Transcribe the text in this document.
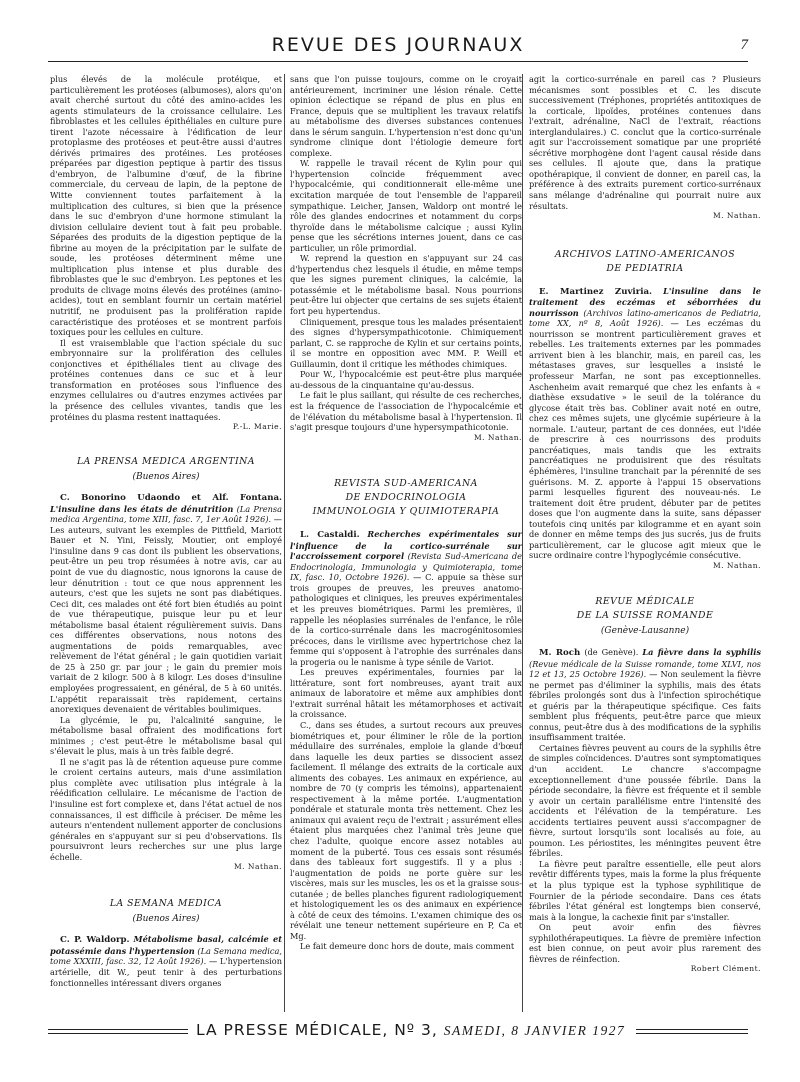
REVUE DES JOURNAUX	7

plus élevés de la molécule protéique, et particulièrement les protéoses (albumoses), alors qu'on avait cherché surtout du côté des amino-acides les agents stimulateurs de la croissance cellulaire. Les fibroblastes et les cellules épithéliales en culture pure tirent l'azote nécessaire à l'édification de leur protoplasme des protéoses et peut-être aussi d'autres dérivés primaires des protéines. Les protéoses préparées par digestion peptique à partir des tissus d'embryon, de l'albumine d'œuf, de la fibrine commerciale, du cerveau de lapin, de la peptone de Witte conviennent toutes parfaitement à la multiplication des cultures, si bien que la présence dans le suc d'embryon d'une hormone stimulant la division cellulaire devient tout à fait peu probable. Séparées des produits de la digestion peptique de la fibrine au moyen de la précipitation par le sulfate de soude, les protéoses déterminent même une multiplication plus intense et plus durable des fibroblastes que le suc d'embryon. Les peptones et les produits de clivage moins élevés des protéines (amino-acides), tout en semblant fournir un certain matériel nutritif, ne produisent pas la prolifération rapide caractéristique des protéoses et se montrent parfois toxiques pour les cellules en culture.

Il est vraisemblable que l'action spéciale du suc embryonnaire sur la prolifération des cellules conjonctives et épithéliales tient au clivage des protéines contenues dans ce suc et à leur transformation en protéoses sous l'influence des enzymes cellulaires ou d'autres enzymes activées par la présence des cellules vivantes, tandis que les protéines du plasma restent inattaquées.

P.-L. Marie.

LA PRENSA MEDICA ARGENTINA
(Buenos Aires)

C. Bonorino Udaondo et Alf. Fontana. L'insuline dans les états de dénutrition (La Prensa medica Argentina, tome XIII, fasc. 7, 1er Août 1926). — Les auteurs, suivant les exemples de Pittfield, Mariott Bauer et N. Yini, Feissly, Moutier, ont employé l'insuline dans 9 cas dont ils publient les observations, peut-être un peu trop résumées à notre avis, car au point de vue du diagnostic, nous ignorons la cause de leur dénutrition : tout ce que nous apprennent les auteurs, c'est que les sujets ne sont pas diabétiques. Ceci dit, ces malades ont été fort bien étudiés au point de vue thérapeutique, puisque leur pu et leur métabolisme basal étaient régulièrement suivis. Dans ces différentes observations, nous notons des augmentations de poids remarquables, avec relèvement de l'état général ; le gain quotidien variait de 25 à 250 gr. par jour ; le gain du premier mois variait de 2 kilogr. 500 à 8 kilogr. Les doses d'insuline employées progressaient, en général, de 5 à 60 unités. L'appétit reparaissait très rapidement, certains anorexiques devenaient de véritables boulimiques.

La glycémie, le pu, l'alcalinité sanguine, le métabolisme basal offraient des modifications fort minimes ; c'est peut-être le métabolisme basal qui s'élevait le plus, mais à un très faible degré.

Il ne s'agit pas là de rétention aqueuse pure comme le croient certains auteurs, mais d'une assimilation plus complète avec utilisation plus intégrale à la réédification cellulaire. Le mécanisme de l'action de l'insuline est fort complexe et, dans l'état actuel de nos connaissances, il est difficile à préciser. De même les auteurs n'entendent nullement apporter de conclusions générales en s'appuyant sur si peu d'observations. Ils poursuivront leurs recherches sur une plus large échelle.

M. Nathan.

LA SEMANA MEDICA
(Buenos Aires)

C. P. Waldorp. Métabolisme basal, calcémie et potassémie dans l'hypertension (La Semana medica, tome XXXIII, fasc. 32, 12 Août 1926). — L'hypertension artérielle, dit W., peut tenir à des perturbations fonctionnelles intéressant divers organes

sans que l'on puisse toujours, comme on le croyait antérieurement, incriminer une lésion rénale. Cette opinion éclectique se répand de plus en plus en France, depuis que se multiplient les travaux relatifs au métabolisme des diverses substances contenues dans le sérum sanguin. L'hypertension n'est donc qu'un syndrome clinique dont l'étiologie demeure fort complexe.

W. rappelle le travail récent de Kylin pour qui l'hypertension coïncide fréquemment avec l'hypocalcémie, qui conditionnerait elle-même une excitation marquée de tout l'ensemble de l'appareil sympathique. Leicher, Jansen, Waldorp ont montré le rôle des glandes endocrines et notamment du corps thyroïde dans le métabolisme calcique ; aussi Kylin pense que les sécrétions internes jouent, dans ce cas particulier, un rôle primordial.

W. reprend la question en s'appuyant sur 24 cas d'hypertendus chez lesquels il étudie, en même temps que les signes purement cliniques, la calcémie, la potassémie et le métabolisme basal. Nous pourrions peut-être lui objecter que certains de ses sujets étaient fort peu hypertendus.

Cliniquement, presque tous les malades présentaient des signes d'hypersympathicotonie. Chimiquement parlant, C. se rapproche de Kylin et sur certains points, il se montre en opposition avec MM. P. Weill et Guillaumin, dont il critique les méthodes chimiques.

Pour W., l'hypocalcémie est peut-être plus marquée au-dessous de la cinquantaine qu'au-dessus.

Le fait le plus saillant, qui résulte de ces recherches, est la fréquence de l'association de l'hypocalcémie et de l'élévation du métabolisme basal à l'hypertension. Il s'agit presque toujours d'une hypersympathicotonie.

M. Nathan.

REVISTA SUD-AMERICANA
DE ENDOCRINOLOGIA
IMMUNOLOGIA Y QUIMIOTERAPIA

L. Castaldi. Recherches expérimentales sur l'influence de la cortico-surrénale sur l'accroissement corporel (Revista Sud-Americana de Endocrinologia, Immunologia y Quimioterapia, tome IX, fasc. 10, Octobre 1926). — C. appuie sa thèse sur trois groupes de preuves, les preuves anatomo-pathologiques et cliniques, les preuves expérimentales et les preuves biométriques. Parmi les premières, il rappelle les néoplasies surrénales de l'enfance, le rôle de la cortico-surrénale dans les macrogénitosomies précoces, dans le virilisme avec hypertrichose chez la femme qui s'opposent à l'atrophie des surrénales dans la progeria ou le nanisme à type sénile de Variot.

Les preuves expérimentales, fournies par la littérature, sont fort nombreuses, ayant trait aux animaux de laboratoire et même aux amphibies dont l'extrait surrénal hâtait les métamorphoses et activait la croissance.

C., dans ses études, a surtout recours aux preuves biométriques et, pour éliminer le rôle de la portion médullaire des surrénales, emploie la glande d'bœuf dans laquelle les deux parties se dissocient assez facilement. Il mélange des extraits de la corticale aux aliments des cobayes. Les animaux en expérience, au nombre de 70 (y compris les témoins), appartenaient respectivement à la même portée. L'augmentation pondérale et staturale monta très nettement. Chez les animaux qui avaient reçu de l'extrait ; assurément elles étaient plus marquées chez l'animal très jeune que chez l'adulte, quoique encore assez notables au moment de la puberté. Tous ces essais sont résumés dans des tableaux fort suggestifs. Il y a plus : l'augmentation de poids ne porte guère sur les viscères, mais sur les muscles, les os et la graisse sous-cutanée ; de belles planches figurent radiologiquement et histologiquement les os des animaux en expérience à côté de ceux des témoins. L'examen chimique des os révélait une teneur nettement supérieure en P, Ca et Mg.

Le fait demeure donc hors de doute, mais comment

agit la cortico-surrénale en pareil cas ? Plusieurs mécanismes sont possibles et C. les discute successivement (Tréphones, propriétés antitoxiques de la corticale, lipoïdes, protéines contenues dans l'extrait, adrénaline, NaCl de l'extrait, réactions interglandulaires.) C. conclut que la cortico-surrénale agit sur l'accroissement somatique par une propriété sécrétive morphogène dont l'agent causal réside dans ses cellules. Il ajoute que, dans la pratique opothérapique, il convient de donner, en pareil cas, la préférence à des extraits purement cortico-surrénaux sans mélange d'adrénaline qui pourrait nuire aux résultats.

M. Nathan.

ARCHIVOS LATINO-AMERICANOS
DE PEDIATRIA

E. Martinez Zuviria. L'insuline dans le traitement des eczémas et séborrhées du nourrisson (Archivos latino-americanos de Pediatria, tome XX, nº 8, Août 1926). — Les eczémas du nourrisson se montrent particulièrement graves et rebelles. Les traitements externes par les pommades arrivent bien à les blanchir, mais, en pareil cas, les métastases graves, sur lesquelles a insisté le professeur Marfan, ne sont pas exceptionnelles. Aschenheim avait remarqué que chez les enfants à « diathèse exsudative » le seuil de la tolérance du glycose était très bas. Cobliner avait noté en outre, chez ces mêmes sujets, une glycémie supérieure à la normale. L'auteur, partant de ces données, eut l'idée de prescrire à ces nourrissons des produits pancréatiques, mais tandis que les extraits pancréatiques ne produisirent que des résultats éphémères, l'insuline tranchait par la pérennité de ses guérisons. M. Z. apporte à l'appui 15 observations parmi lesquelles figurent des nouveau-nés. Le traitement doit être prudent, débuter par de petites doses que l'on augmente dans la suite, sans dépasser toutefois cinq unités par kilogramme et en ayant soin de donner en même temps des jus sucrés, jus de fruits particulièrement, car le glucose agit mieux que le sucre ordinaire contre l'hypoglycémie consécutive.

M. Nathan.

REVUE MÉDICALE
DE LA SUISSE ROMANDE
(Genève-Lausanne)

M. Roch (de Genève). La fièvre dans la syphilis (Revue médicale de la Suisse romande, tome XLVI, nos 12 et 13, 25 Octobre 1926). — Non seulement la fièvre ne permet pas d'éliminer la syphilis, mais des états fébriles prolongés sont dus à l'infection spirochétique et guéris par la thérapeutique spécifique. Ces faits semblent plus fréquents, peut-être parce que mieux connus, peut-être dus à des modifications de la syphilis insuffisamment traitée.

Certaines fièvres peuvent au cours de la syphilis être de simples coïncidences. D'autres sont symptomatiques d'un accident. Le chancre s'accompagne exceptionnellement d'une poussée fébrile. Dans la période secondaire, la fièvre est fréquente et il semble y avoir un certain parallélisme entre l'intensité des accidents et l'élévation de la température. Les accidents tertiaires peuvent aussi s'accompagner de fièvre, surtout lorsqu'ils sont localisés au foie, au poumon. Les périostites, les méningites peuvent être fébriles.

La fièvre peut paraître essentielle, elle peut alors revêtir différents types, mais la forme la plus fréquente et la plus typique est la typhose syphilitique de Fournier de la période secondaire. Dans ces états fébriles l'état général est longtemps bien conservé, mais à la longue, la cachexie finit par s'installer.

On peut avoir enfin des fièvres syphilothérapeutiques. La fièvre de première infection est bien connue, on peut avoir plus rarement des fièvres de réinfection.

Robert Clément.

LA PRESSE MÉDICALE, Nº 3, SAMEDI, 8 JANVIER 1927
